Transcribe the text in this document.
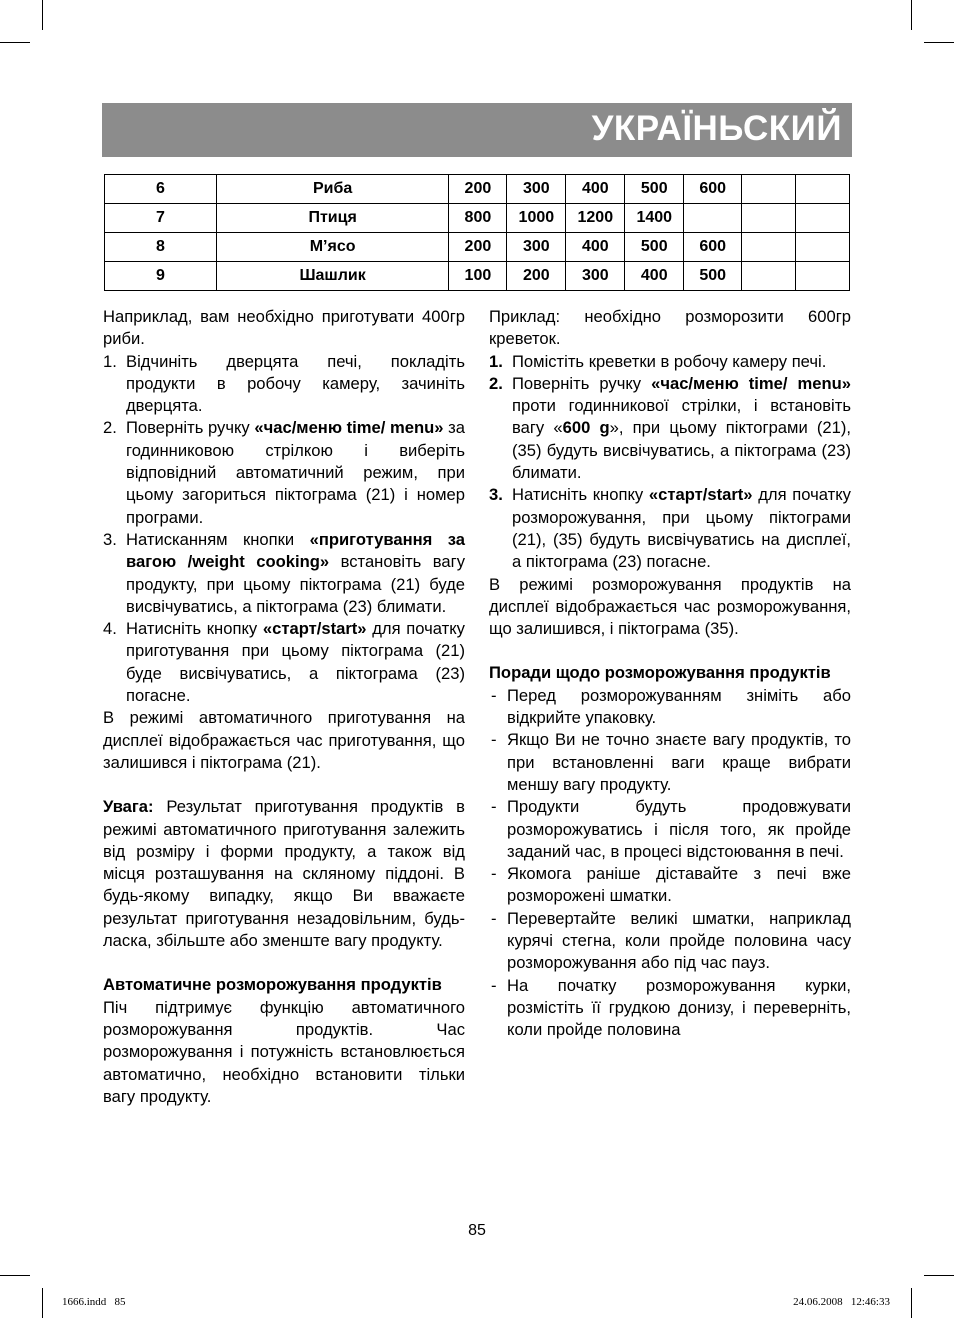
УКРАЇНЬСКИЙ
6	Риба	200	300	400	500	600		
7	Птиця	800	1000	1200	1400			
8	М’ясо	200	300	400	500	600		
9	Шашлик	100	200	300	400	500		

Наприклад, вам необхідно приготувати 400гр риби.

1. Відчиніть дверцята печі, покладіть продукти в робочу камеру, зачиніть дверцята.
2. Поверніть ручку «час/меню time/ menu» за годинниковою стрілкою і виберіть відповідний автоматичний режим, при цьому загориться піктограма (21) і номер програми.
3. Натисканням кнопки «приготування за вагою /weight cooking» встановіть вагу продукту, при цьому піктограма (21) буде висвічуватись, а піктограма (23) блимати.
4. Натисніть кнопку «старт/start» для початку приготування при цьому піктограма (21) буде висвічуватись, а піктограма (23) погасне.

В режимі автоматичного приготування на дисплеї відображається час приготування, що залишився і піктограма (21).

Увага: Результат приготування продуктів в режимі автоматичного приготування залежить від розміру і форми продукту, а також від місця розташування на скляному піддоні. В будь-якому випадку, якщо Ви вважаєте результат приготування незадовільним, будь-ласка, збільште або зменште вагу продукту.

Автоматичне розморожування продуктів

Піч підтримує функцію автоматичного розморожування продуктів. Час розморожування і потужність встановлюється автоматично, необхідно встановити тільки вагу продукту.

Приклад: необхідно розморозити 600гр креветок.

1. Помістіть креветки в робочу камеру печі.
2. Поверніть ручку «час/меню time/ menu» проти годинникової стрілки, і встановіть вагу «600 g», при цьому піктограми (21), (35) будуть висвічуватись, а піктограма (23) блимати.
3. Натисніть кнопку «старт/start» для початку розморожування, при цьому піктограми (21), (35) будуть висвічуватись на дисплеї, а піктограма (23) погасне.

В режимі розморожування продуктів на дисплеї відображається час розморожування, що залишився, і піктограма (35).

Поради щодо розморожування продуктів
- Перед розморожуванням зніміть або відкрийте упаковку.
- Якщо Ви не точно знаєте вагу продуктів, то при встановленні ваги краще вибрати меншу вагу продукту.
- Продукти будуть продовжувати розморожуватись і після того, як пройде заданий час, в процесі відстоювання в печі.
- Якомога раніше діставайте з печі вже розморожені шматки.
- Перевертайте великі шматки, наприклад курячі стегна, коли пройде половина часу розморожування або під час пауз.
- На початку розморожування курки, розмістіть її грудкою донизу, і переверніть, коли пройде половина
85
1666.indd   85	24.06.2008   12:46:33
